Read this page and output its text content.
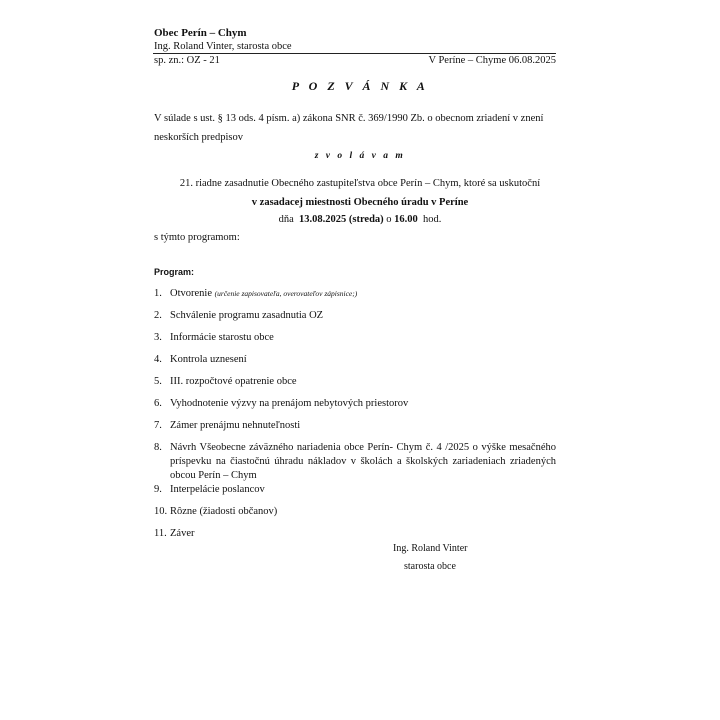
Obec Perín – Chym
Ing. Roland Vinter, starosta obce
sp. zn.: OZ - 21	V Períne – Chyme 06.08.2025
P O Z V Á N K A
V súlade s ust. § 13 ods. 4 písm. a) zákona SNR č. 369/1990 Zb. o obecnom zriadení v znení neskorších predpisov
z v o l á v a m
21. riadne zasadnutie Obecného zastupiteľstva obce Perín – Chym, ktoré sa uskutoční
v zasadacej miestnosti Obecného úradu v Períne
dňa 13.08.2025 (streda) o 16.00 hod.
s týmto programom:
Program:
1. Otvorenie (určenie zapisovateľa, overovateľov zápisnice;)
2. Schválenie programu zasadnutia OZ
3. Informácie starostu obce
4. Kontrola uznesení
5. III. rozpočtové opatrenie obce
6. Vyhodnotenie výzvy na prenájom nebytových priestorov
7. Zámer prenájmu nehnuteľnosti
8. Návrh Všeobecne záväzného nariadenia obce Perín- Chym č. 4 /2025 o výške mesačného príspevku na čiastočnú úhradu nákladov v školách a školských zariadeniach zriadených obcou Perín – Chym
9. Interpelácie poslancov
10. Rôzne (žiadosti občanov)
11. Záver
Ing. Roland Vinter
starosta obce
